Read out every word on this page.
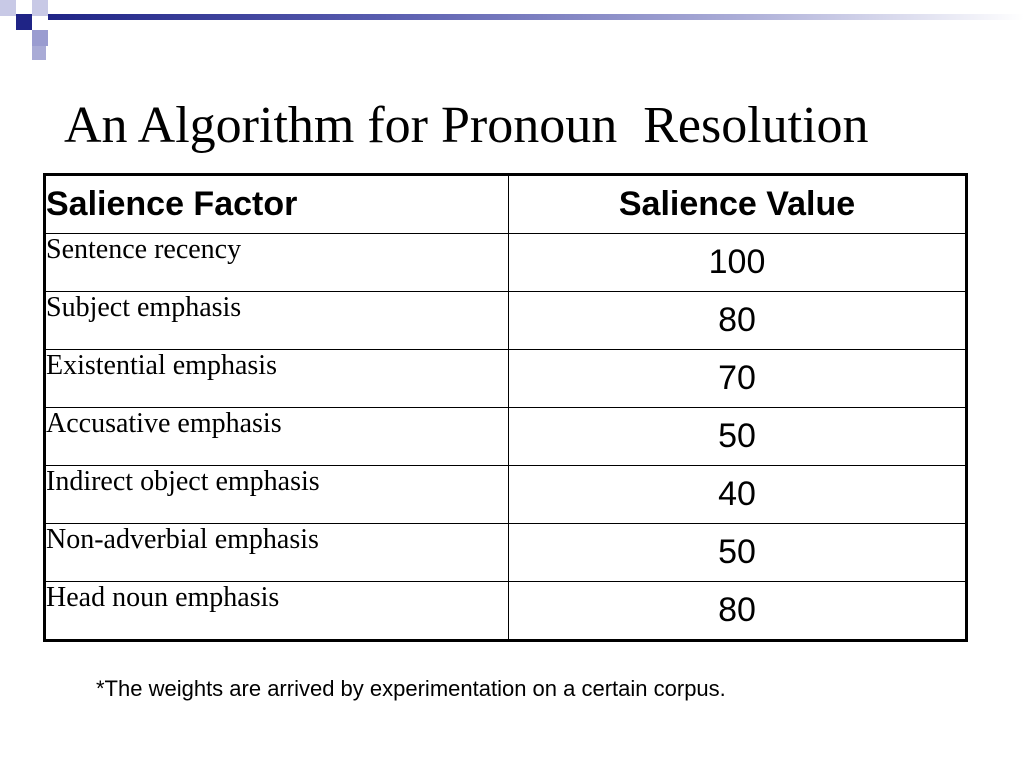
An Algorithm for Pronoun  Resolution
Salience Factor	Salience Value
Sentence recency	100
Subject emphasis	80
Existential emphasis	70
Accusative emphasis	50
Indirect object emphasis	40
Non-adverbial emphasis	50
Head noun emphasis	80
*The weights are arrived by experimentation on a certain corpus.
